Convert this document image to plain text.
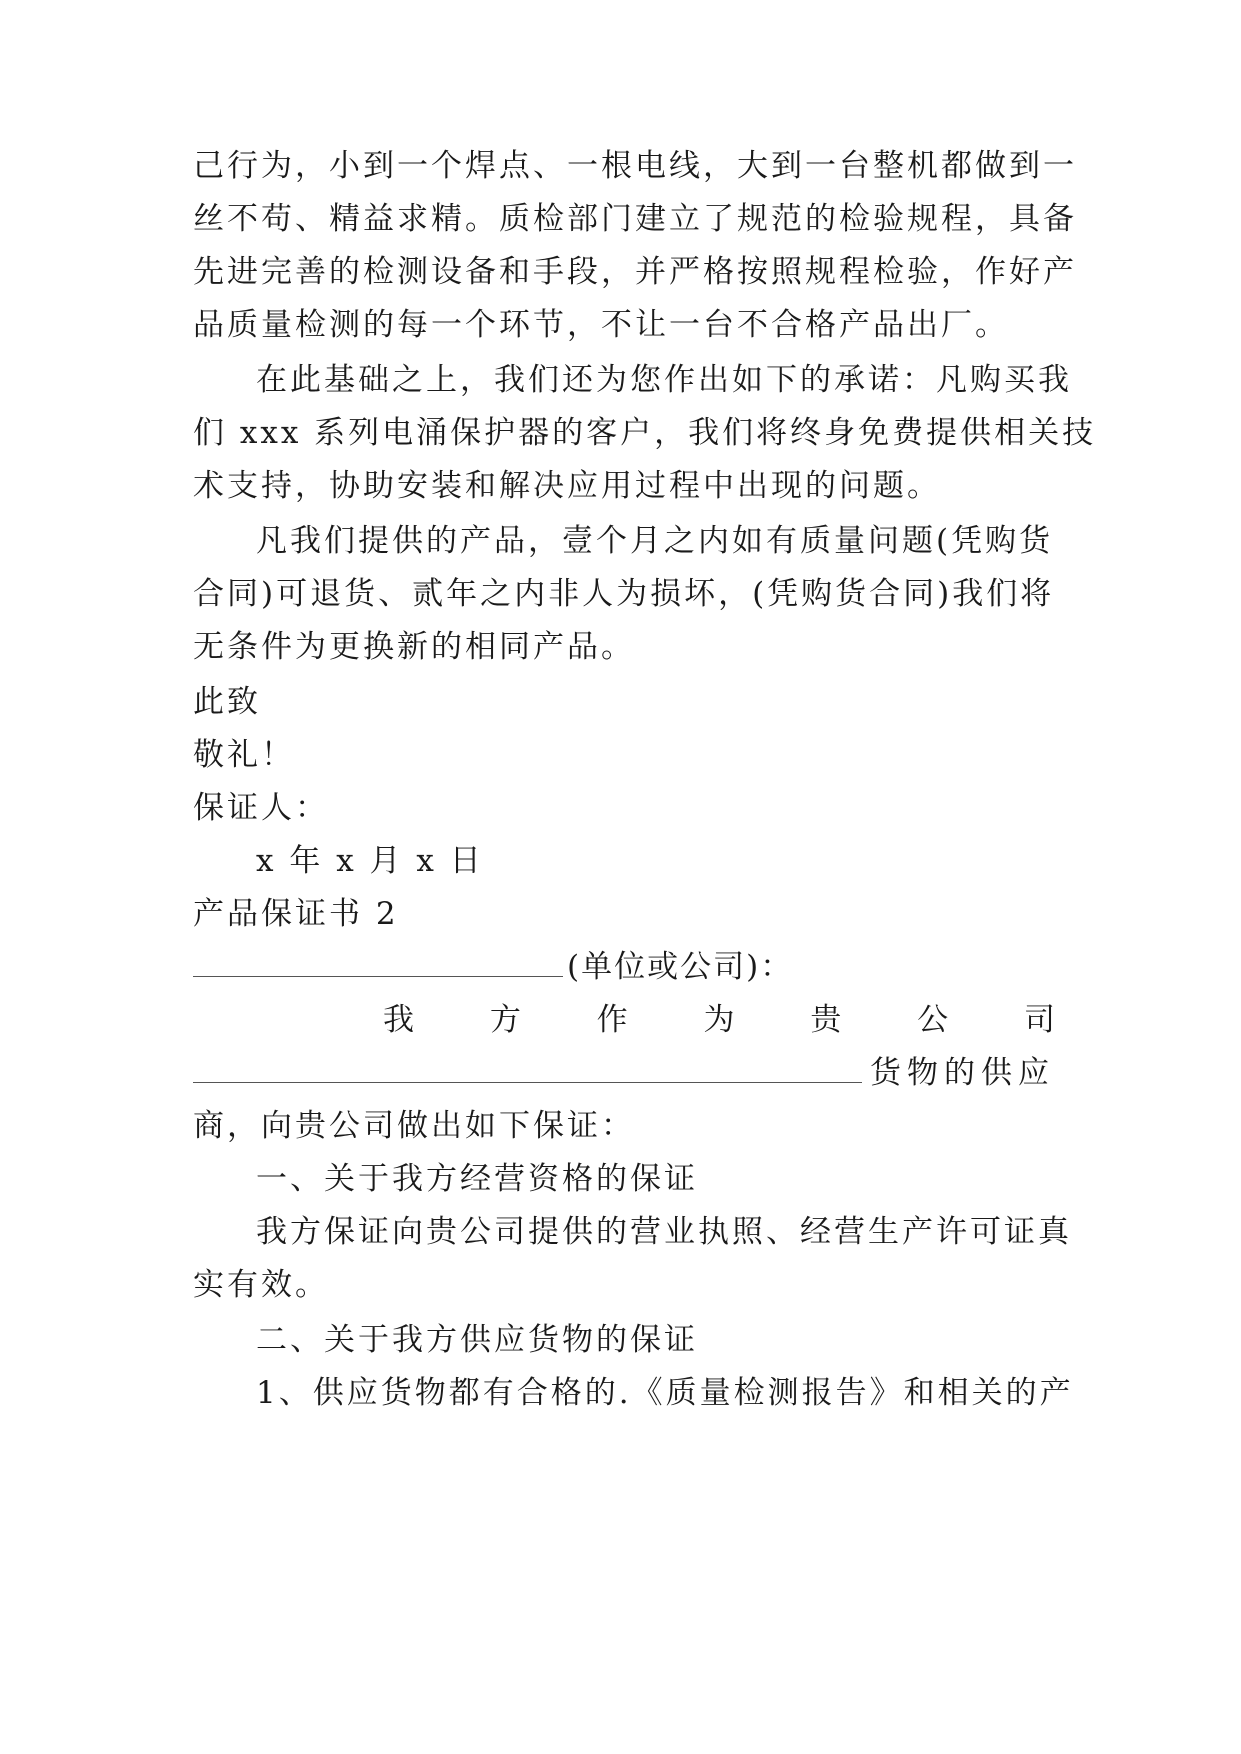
己行为，小到一个焊点、一根电线，大到一台整机都做到一
丝不苟、精益求精。质检部门建立了规范的检验规程，具备
先进完善的检测设备和手段，并严格按照规程检验，作好产
品质量检测的每一个环节，不让一台不合格产品出厂。
在此基础之上，我们还为您作出如下的承诺：凡购买我
们 xxx 系列电涌保护器的客户，我们将终身免费提供相关技
术支持，协助安装和解决应用过程中出现的问题。
凡我们提供的产品，壹个月之内如有质量问题(凭购货
合同)可退货、贰年之内非人为损坏，(凭购货合同)我们将
无条件为更换新的相同产品。
此致
敬礼！
保证人：
x 年 x 月 x 日
产品保证书 2
(单位或公司)：
我 方 作 为 贵 公 司
货物的供应
商，向贵公司做出如下保证：
一、关于我方经营资格的保证
我方保证向贵公司提供的营业执照、经营生产许可证真
实有效。
二、关于我方供应货物的保证
1、供应货物都有合格的.《质量检测报告》和相关的产
